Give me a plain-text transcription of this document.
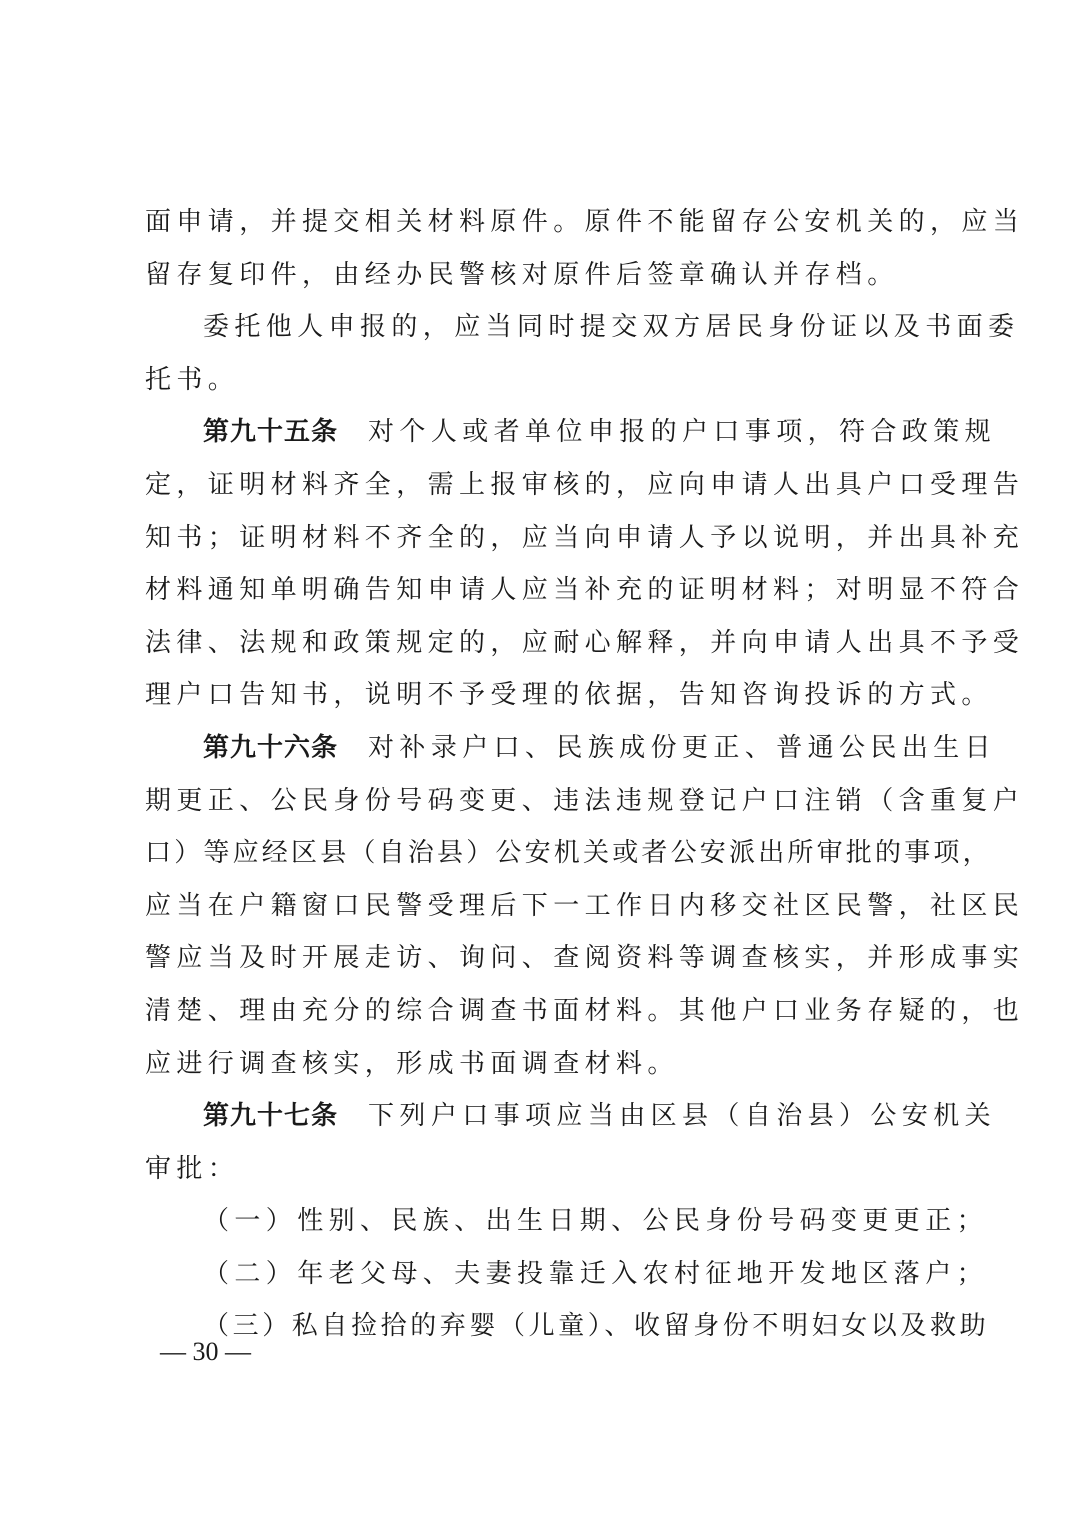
面申请，并提交相关材料原件。原件不能留存公安机关的，应当
留存复印件，由经办民警核对原件后签章确认并存档。
委托他人申报的，应当同时提交双方居民身份证以及书面委
托书。
第九十五条 对个人或者单位申报的户口事项，符合政策规
定，证明材料齐全，需上报审核的，应向申请人出具户口受理告
知书；证明材料不齐全的，应当向申请人予以说明，并出具补充
材料通知单明确告知申请人应当补充的证明材料；对明显不符合
法律、法规和政策规定的，应耐心解释，并向申请人出具不予受
理户口告知书，说明不予受理的依据，告知咨询投诉的方式。
第九十六条 对补录户口、民族成份更正、普通公民出生日
期更正、公民身份号码变更、违法违规登记户口注销（含重复户
口）等应经区县（自治县）公安机关或者公安派出所审批的事项，
应当在户籍窗口民警受理后下一工作日内移交社区民警，社区民
警应当及时开展走访、询问、查阅资料等调查核实，并形成事实
清楚、理由充分的综合调查书面材料。其他户口业务存疑的，也
应进行调查核实，形成书面调查材料。
第九十七条 下列户口事项应当由区县（自治县）公安机关
审批：
（一）性别、民族、出生日期、公民身份号码变更更正；
（二）年老父母、夫妻投靠迁入农村征地开发地区落户；
（三）私自捡拾的弃婴（儿童）、收留身份不明妇女以及救助
— 30 —
